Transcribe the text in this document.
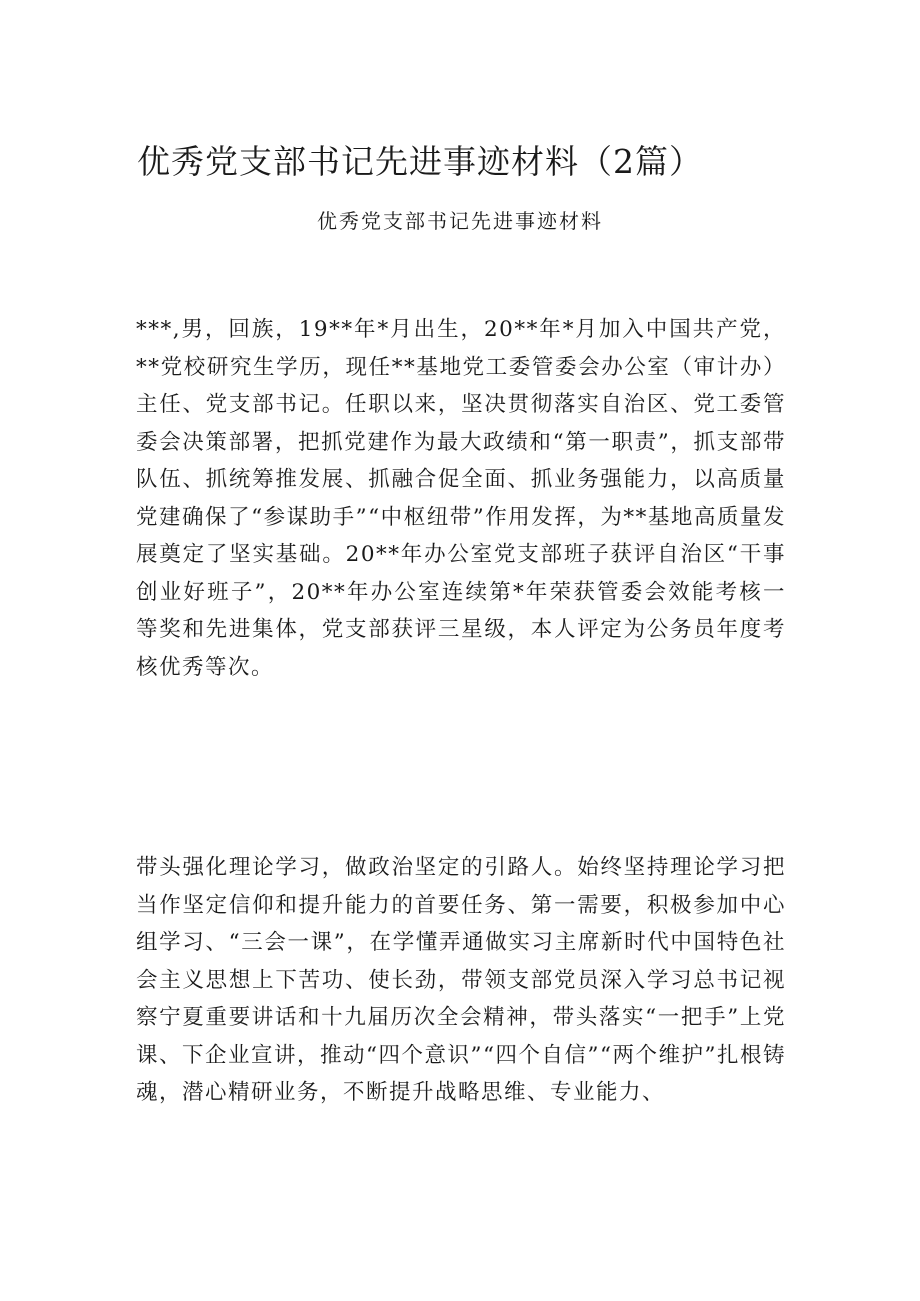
优秀党支部书记先进事迹材料（2篇）
优秀党支部书记先进事迹材料

***,男，回族，19**年*月出生，20**年*月加入中国共产党，**党校研究生学历，现任**基地党工委管委会办公室（审计办）主任、党支部书记。任职以来，坚决贯彻落实自治区、党工委管委会决策部署，把抓党建作为最大政绩和“第一职责”，抓支部带队伍、抓统筹推发展、抓融合促全面、抓业务强能力，以高质量党建确保了“参谋助手”“中枢纽带”作用发挥，为**基地高质量发展奠定了坚实基础。20**年办公室党支部班子获评自治区“干事创业好班子”，20**年办公室连续第*年荣获管委会效能考核一等奖和先进集体，党支部获评三星级，本人评定为公务员年度考核优秀等次。

带头强化理论学习，做政治坚定的引路人。始终坚持理论学习把当作坚定信仰和提升能力的首要任务、第一需要，积极参加中心组学习、“三会一课”，在学懂弄通做实习主席新时代中国特色社会主义思想上下苦功、使长劲，带领支部党员深入学习总书记视察宁夏重要讲话和十九届历次全会精神，带头落实“一把手”上党课、下企业宣讲，推动“四个意识”“四个自信”“两个维护”扎根铸魂，潜心精研业务，不断提升战略思维、专业能力、
